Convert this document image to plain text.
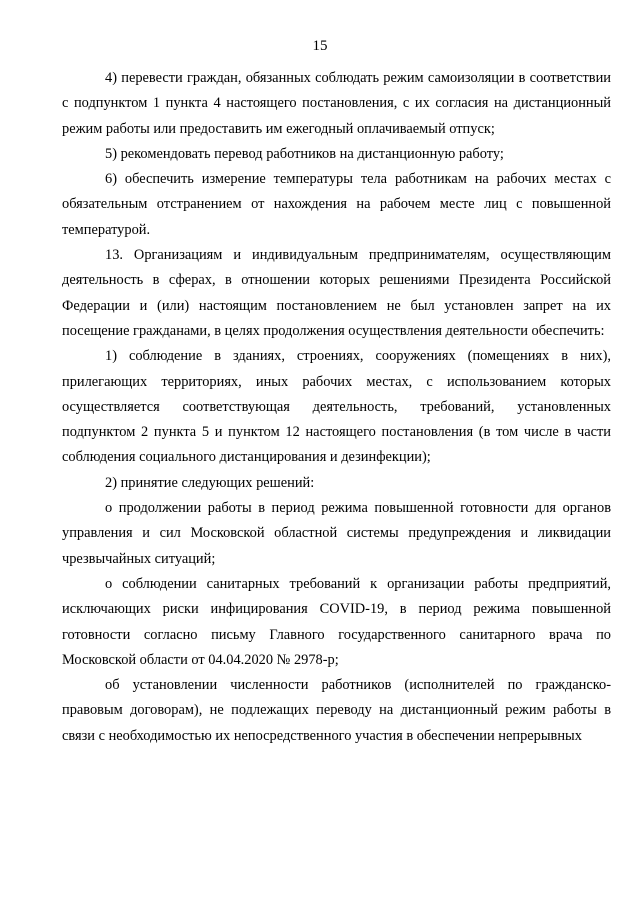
15

4) перевести граждан, обязанных соблюдать режим самоизоляции в соответствии с подпунктом 1 пункта 4 настоящего постановления, с их согласия на дистанционный режим работы или предоставить им ежегодный оплачиваемый отпуск;

5) рекомендовать перевод работников на дистанционную работу;

6) обеспечить измерение температуры тела работникам на рабочих местах с обязательным отстранением от нахождения на рабочем месте лиц с повышенной температурой.

13. Организациям и индивидуальным предпринимателям, осуществляющим деятельность в сферах, в отношении которых решениями Президента Российской Федерации и (или) настоящим постановлением не был установлен запрет на их посещение гражданами, в целях продолжения осуществления деятельности обеспечить:

1) соблюдение в зданиях, строениях, сооружениях (помещениях в них), прилегающих территориях, иных рабочих местах, с использованием которых осуществляется соответствующая деятельность, требований, установленных подпунктом 2 пункта 5 и пунктом 12 настоящего постановления (в том числе в части соблюдения социального дистанцирования и дезинфекции);

2) принятие следующих решений:

о продолжении работы в период режима повышенной готовности для органов управления и сил Московской областной системы предупреждения и ликвидации чрезвычайных ситуаций;

о соблюдении санитарных требований к организации работы предприятий, исключающих риски инфицирования COVID-19, в период режима повышенной готовности согласно письму Главного государственного санитарного врача по Московской области от 04.04.2020 № 2978-р;

об установлении численности работников (исполнителей по гражданско-правовым договорам), не подлежащих переводу на дистанционный режим работы в связи с необходимостью их непосредственного участия в обеспечении непрерывных
